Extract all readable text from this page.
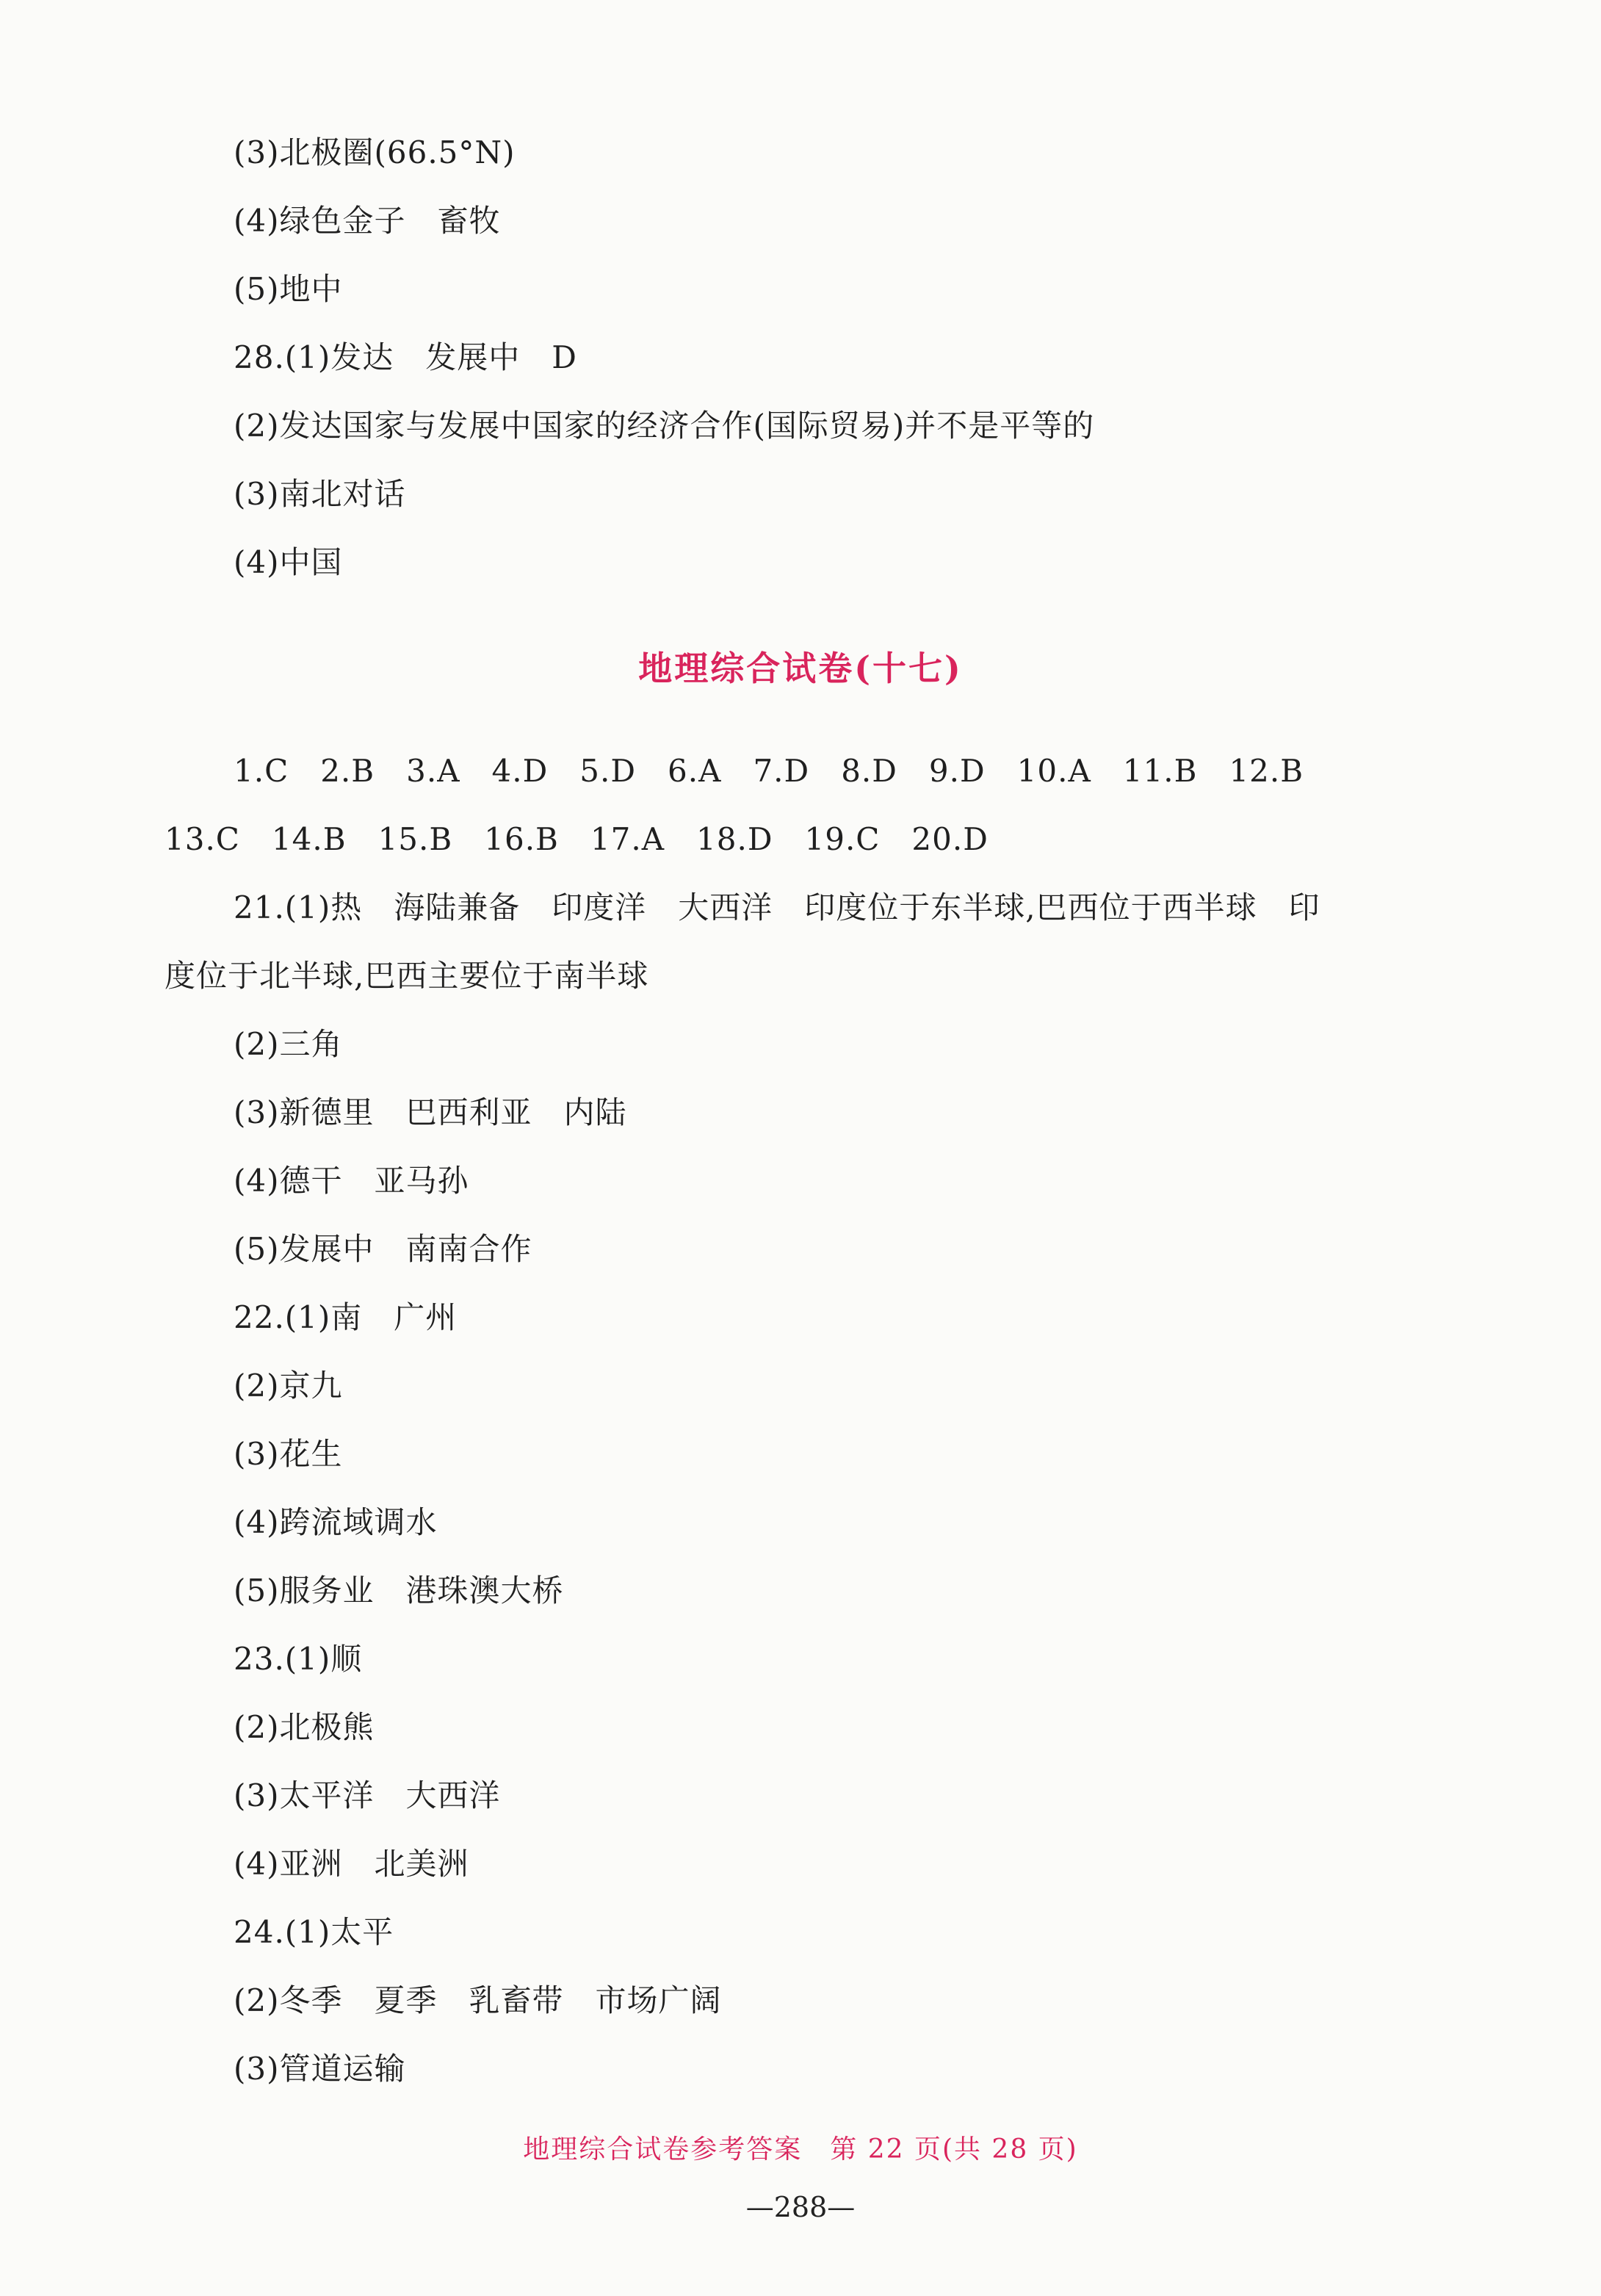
(3)北极圈(66.5°N)
(4)绿色金子　畜牧
(5)地中
28.(1)发达　发展中　D
(2)发达国家与发展中国家的经济合作(国际贸易)并不是平等的
(3)南北对话
(4)中国
地理综合试卷(十七)
1.C　2.B　3.A　4.D　5.D　6.A　7.D　8.D　9.D　10.A　11.B　12.B
13.C　14.B　15.B　16.B　17.A　18.D　19.C　20.D
21.(1)热　海陆兼备　印度洋　大西洋　印度位于东半球,巴西位于西半球　印
度位于北半球,巴西主要位于南半球
(2)三角
(3)新德里　巴西利亚　内陆
(4)德干　亚马孙
(5)发展中　南南合作
22.(1)南　广州
(2)京九
(3)花生
(4)跨流域调水
(5)服务业　港珠澳大桥
23.(1)顺
(2)北极熊
(3)太平洋　大西洋
(4)亚洲　北美洲
24.(1)太平
(2)冬季　夏季　乳畜带　市场广阔
(3)管道运输
地理综合试卷参考答案　第 22 页(共 28 页)
—288—
